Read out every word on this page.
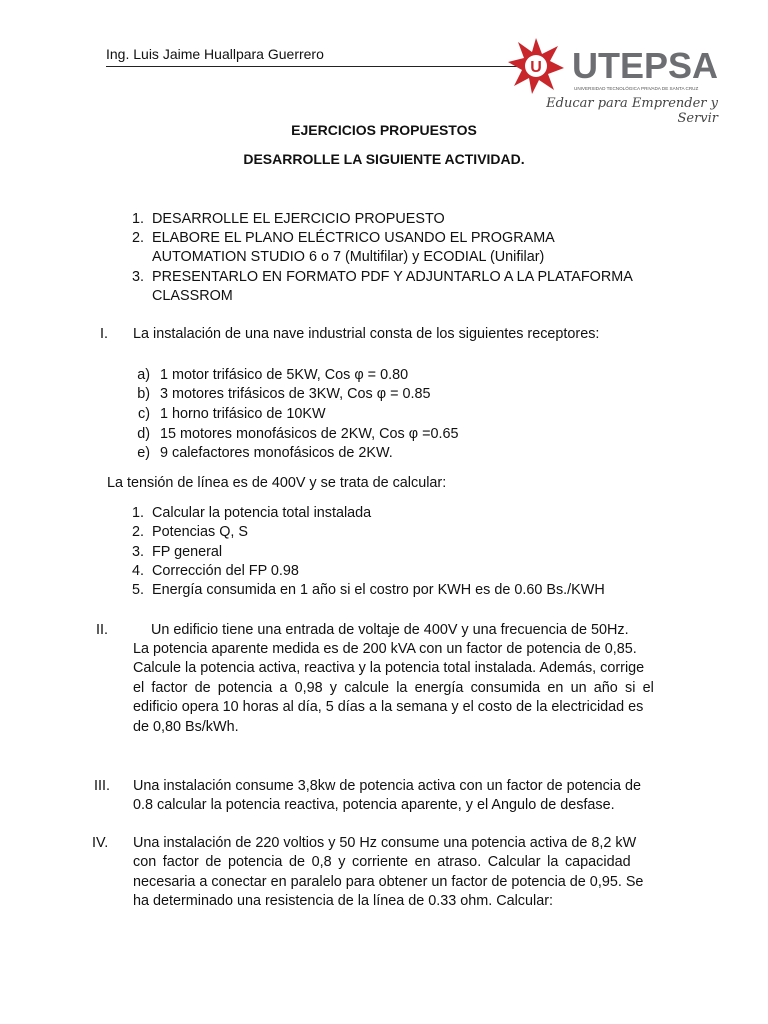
Ing. Luis Jaime Huallpara Guerrero
U UTEPSA
UNIVERSIDAD TECNOLÓGICA PRIVADA DE SANTA CRUZ
Educar para Emprender y Servir
EJERCICIOS PROPUESTOS
DESARROLLE LA SIGUIENTE ACTIVIDAD.
1. DESARROLLE EL EJERCICIO PROPUESTO
2. ELABORE EL PLANO ELÉCTRICO USANDO EL PROGRAMA
AUTOMATION STUDIO 6 o 7 (Multifilar) y ECODIAL (Unifilar)
3. PRESENTARLO EN FORMATO PDF Y ADJUNTARLO A LA PLATAFORMA
CLASSROM
I. La instalación de una nave industrial consta de los siguientes receptores:
a) 1 motor trifásico de 5KW, Cos φ = 0.80
b) 3 motores trifásicos de 3KW, Cos φ = 0.85
c) 1 horno trifásico de 10KW
d) 15 motores monofásicos de 2KW, Cos φ =0.65
e) 9 calefactores monofásicos de 2KW.
La tensión de línea es de 400V y se trata de calcular:
1. Calcular la potencia total instalada
2. Potencias Q, S
3. FP general
4. Corrección del FP 0.98
5. Energía consumida en 1 año si el costro por KWH es de 0.60 Bs./KWH
II.	Un edificio tiene una entrada de voltaje de 400V y una frecuencia de 50Hz.
La potencia aparente medida es de 200 kVA con un factor de potencia de 0,85.
Calcule la potencia activa, reactiva y la potencia total instalada. Además, corrige
el factor de potencia a 0,98 y calcule la energía consumida en un año si el
edificio opera 10 horas al día, 5 días a la semana y el costo de la electricidad es
de 0,80 Bs/kWh.
III. Una instalación consume 3,8kw de potencia activa con un factor de potencia de
0.8 calcular la potencia reactiva, potencia aparente, y el Angulo de desfase.
IV. Una instalación de 220 voltios y 50 Hz consume una potencia activa de 8,2 kW
con factor de potencia de 0,8 y corriente en atraso. Calcular la capacidad
necesaria a conectar en paralelo para obtener un factor de potencia de 0,95. Se
ha determinado una resistencia de la línea de 0.33 ohm. Calcular:
